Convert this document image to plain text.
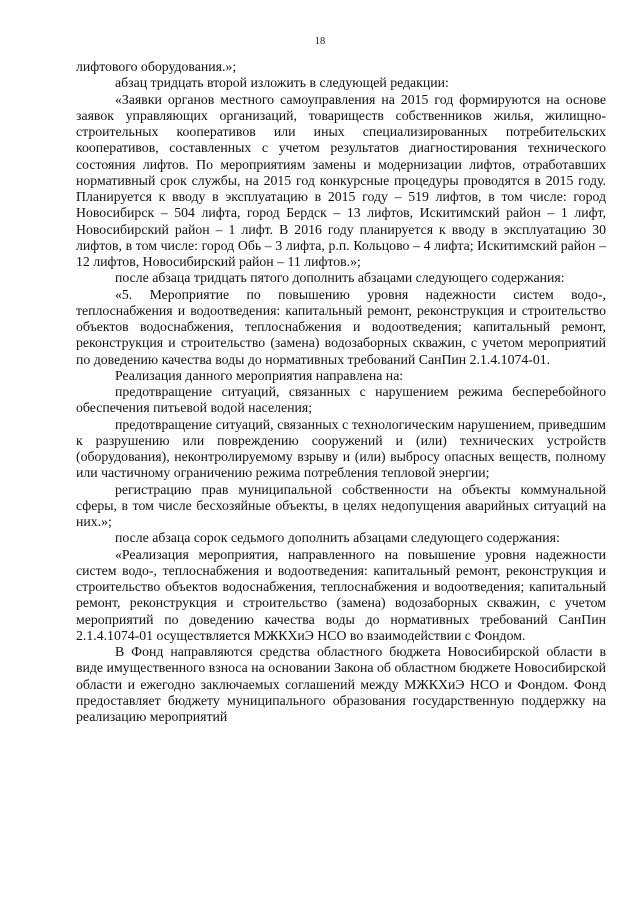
18

лифтового оборудования.»;

абзац тридцать второй изложить в следующей редакции:

«Заявки органов местного самоуправления на 2015 год формируются на основе заявок управляющих организаций, товариществ собственников жилья, жилищно-строительных кооперативов или иных специализированных потребительских кооперативов, составленных с учетом результатов диагностирования технического состояния лифтов. По мероприятиям замены и модернизации лифтов, отработавших нормативный срок службы, на 2015 год конкурсные процедуры проводятся в 2015 году. Планируется к вводу в эксплуатацию в 2015 году – 519 лифтов, в том числе: город Новосибирск – 504 лифта, город Бердск – 13 лифтов, Искитимский район – 1 лифт, Новосибирский район – 1 лифт. В 2016 году планируется к вводу в эксплуатацию 30 лифтов, в том числе: город Обь – 3 лифта, р.п. Кольцово – 4 лифта; Искитимский район – 12 лифтов, Новосибирский район – 11 лифтов.»;

после абзаца тридцать пятого дополнить абзацами следующего содержания:

«5. Мероприятие по повышению уровня надежности систем водо-, теплоснабжения и водоотведения: капитальный ремонт, реконструкция и строительство объектов водоснабжения, теплоснабжения и водоотведения; капитальный ремонт, реконструкция и строительство (замена) водозаборных скважин, с учетом мероприятий по доведению качества воды до нормативных требований СанПин 2.1.4.1074-01.

Реализация данного мероприятия направлена на:

предотвращение ситуаций, связанных с нарушением режима бесперебойного обеспечения питьевой водой населения;

предотвращение ситуаций, связанных с технологическим нарушением, приведшим к разрушению или повреждению сооружений и (или) технических устройств (оборудования), неконтролируемому взрыву и (или) выбросу опасных веществ, полному или частичному ограничению режима потребления тепловой энергии;

регистрацию прав муниципальной собственности на объекты коммунальной сферы, в том числе бесхозяйные объекты, в целях недопущения аварийных ситуаций на них.»;

после абзаца сорок седьмого дополнить абзацами следующего содержания:

«Реализация мероприятия, направленного на повышение уровня надежности систем водо-, теплоснабжения и водоотведения: капитальный ремонт, реконструкция и строительство объектов водоснабжения, теплоснабжения и водоотведения; капитальный ремонт, реконструкция и строительство (замена) водозаборных скважин, с учетом мероприятий по доведению качества воды до нормативных требований СанПин 2.1.4.1074-01 осуществляется МЖКХиЭ НСО во взаимодействии с Фондом.

В Фонд направляются средства областного бюджета Новосибирской области в виде имущественного взноса на основании Закона об областном бюджете Новосибирской области и ежегодно заключаемых соглашений между МЖКХиЭ НСО и Фондом. Фонд предоставляет бюджету муниципального образования государственную поддержку на реализацию мероприятий
